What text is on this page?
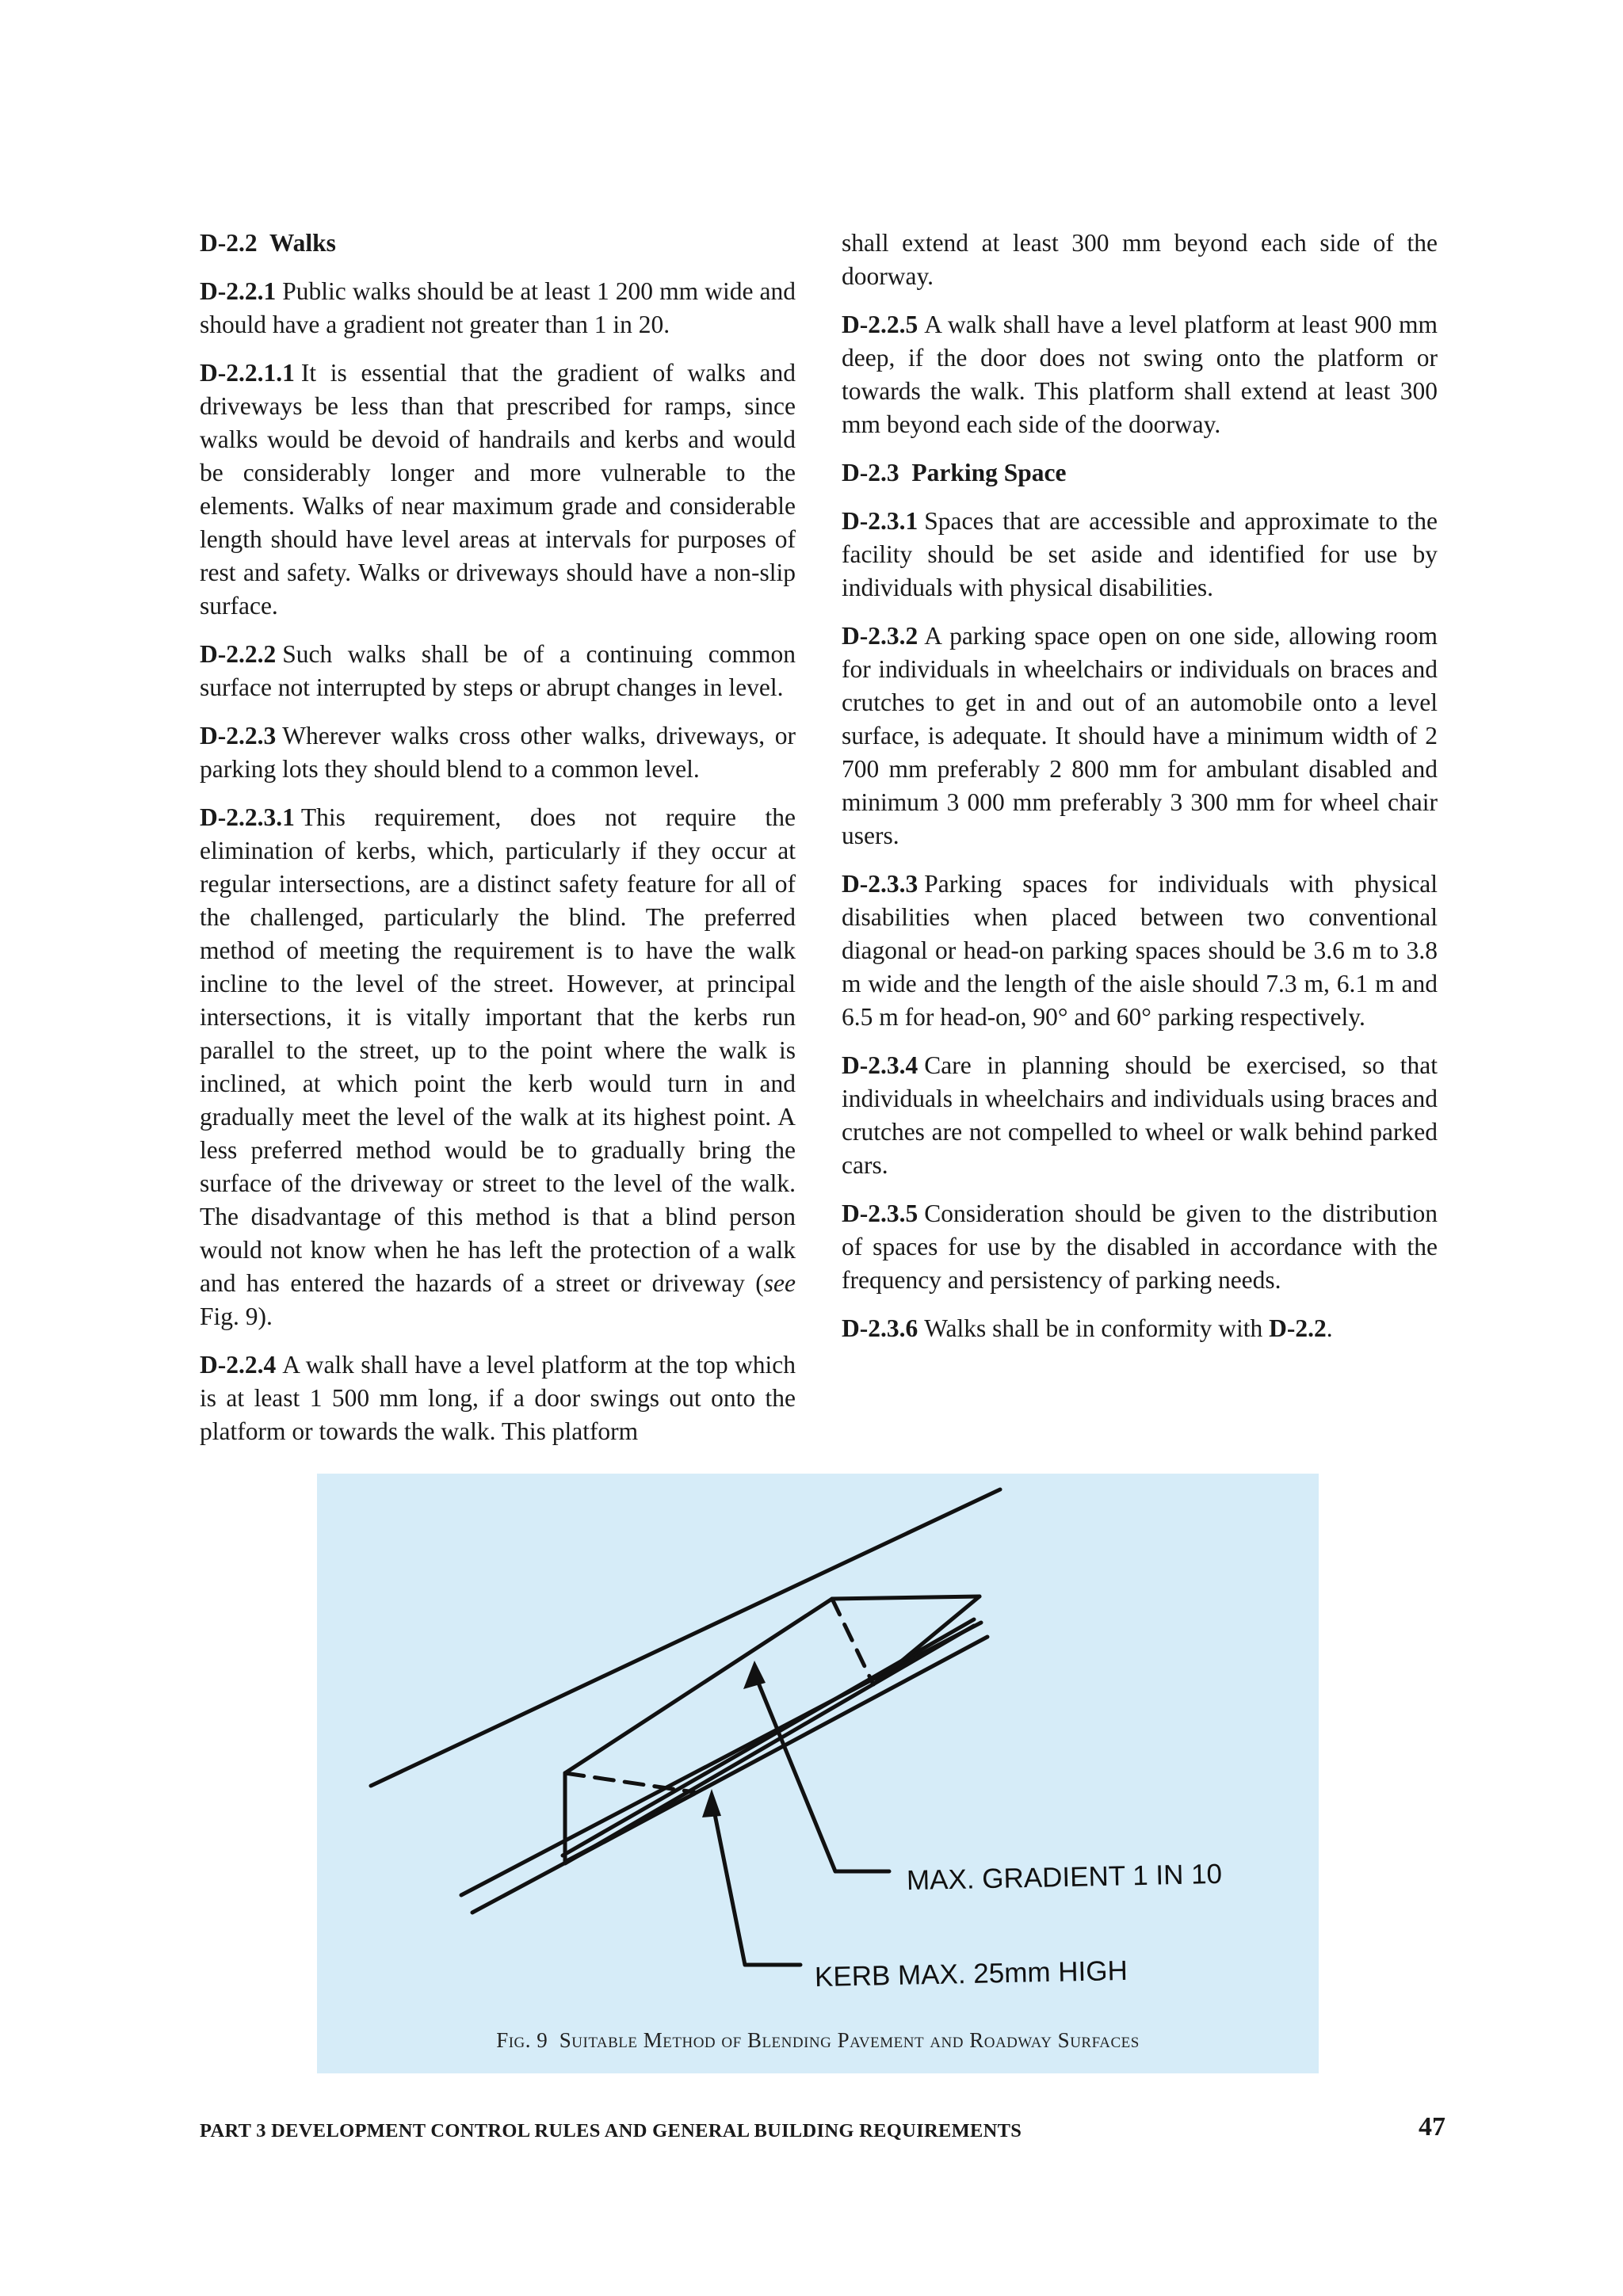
D-2.2 Walks

D-2.2.1 Public walks should be at least 1 200 mm wide and should have a gradient not greater than 1 in 20.

D-2.2.1.1 It is essential that the gradient of walks and driveways be less than that prescribed for ramps, since walks would be devoid of handrails and kerbs and would be considerably longer and more vulnerable to the elements. Walks of near maximum grade and considerable length should have level areas at intervals for purposes of rest and safety. Walks or driveways should have a non-slip surface.

D-2.2.2 Such walks shall be of a continuing common surface not interrupted by steps or abrupt changes in level.

D-2.2.3 Wherever walks cross other walks, driveways, or parking lots they should blend to a common level.

D-2.2.3.1 This requirement, does not require the elimination of kerbs, which, particularly if they occur at regular intersections, are a distinct safety feature for all of the challenged, particularly the blind. The preferred method of meeting the requirement is to have the walk incline to the level of the street. However, at principal intersections, it is vitally important that the kerbs run parallel to the street, up to the point where the walk is inclined, at which point the kerb would turn in and gradually meet the level of the walk at its highest point. A less preferred method would be to gradually bring the surface of the driveway or street to the level of the walk. The disadvantage of this method is that a blind person would not know when he has left the protection of a walk and has entered the hazards of a street or driveway (see Fig. 9).

D-2.2.4 A walk shall have a level platform at the top which is at least 1 500 mm long, if a door swings out onto the platform or towards the walk. This platform

shall extend at least 300 mm beyond each side of the doorway.

D-2.2.5 A walk shall have a level platform at least 900 mm deep, if the door does not swing onto the platform or towards the walk. This platform shall extend at least 300 mm beyond each side of the doorway.

D-2.3 Parking Space

D-2.3.1 Spaces that are accessible and approximate to the facility should be set aside and identified for use by individuals with physical disabilities.

D-2.3.2 A parking space open on one side, allowing room for individuals in wheelchairs or individuals on braces and crutches to get in and out of an automobile onto a level surface, is adequate. It should have a minimum width of 2 700 mm preferably 2 800 mm for ambulant disabled and minimum 3 000 mm preferably 3 300 mm for wheel chair users.

D-2.3.3 Parking spaces for individuals with physical disabilities when placed between two conventional diagonal or head-on parking spaces should be 3.6 m to 3.8 m wide and the length of the aisle should 7.3 m, 6.1 m and 6.5 m for head-on, 90° and 60° parking respectively.

D-2.3.4 Care in planning should be exercised, so that individuals in wheelchairs and individuals using braces and crutches are not compelled to wheel or walk behind parked cars.

D-2.3.5 Consideration should be given to the distribution of spaces for use by the disabled in accordance with the frequency and persistency of parking needs.

D-2.3.6 Walks shall be in conformity with D-2.2.

MAX. GRADIENT 1 IN 10
KERB MAX. 25mm HIGH
Fig. 9 Suitable Method of Blending Pavement and Roadway Surfaces
PART 3 DEVELOPMENT CONTROL RULES AND GENERAL BUILDING REQUIREMENTS	47
